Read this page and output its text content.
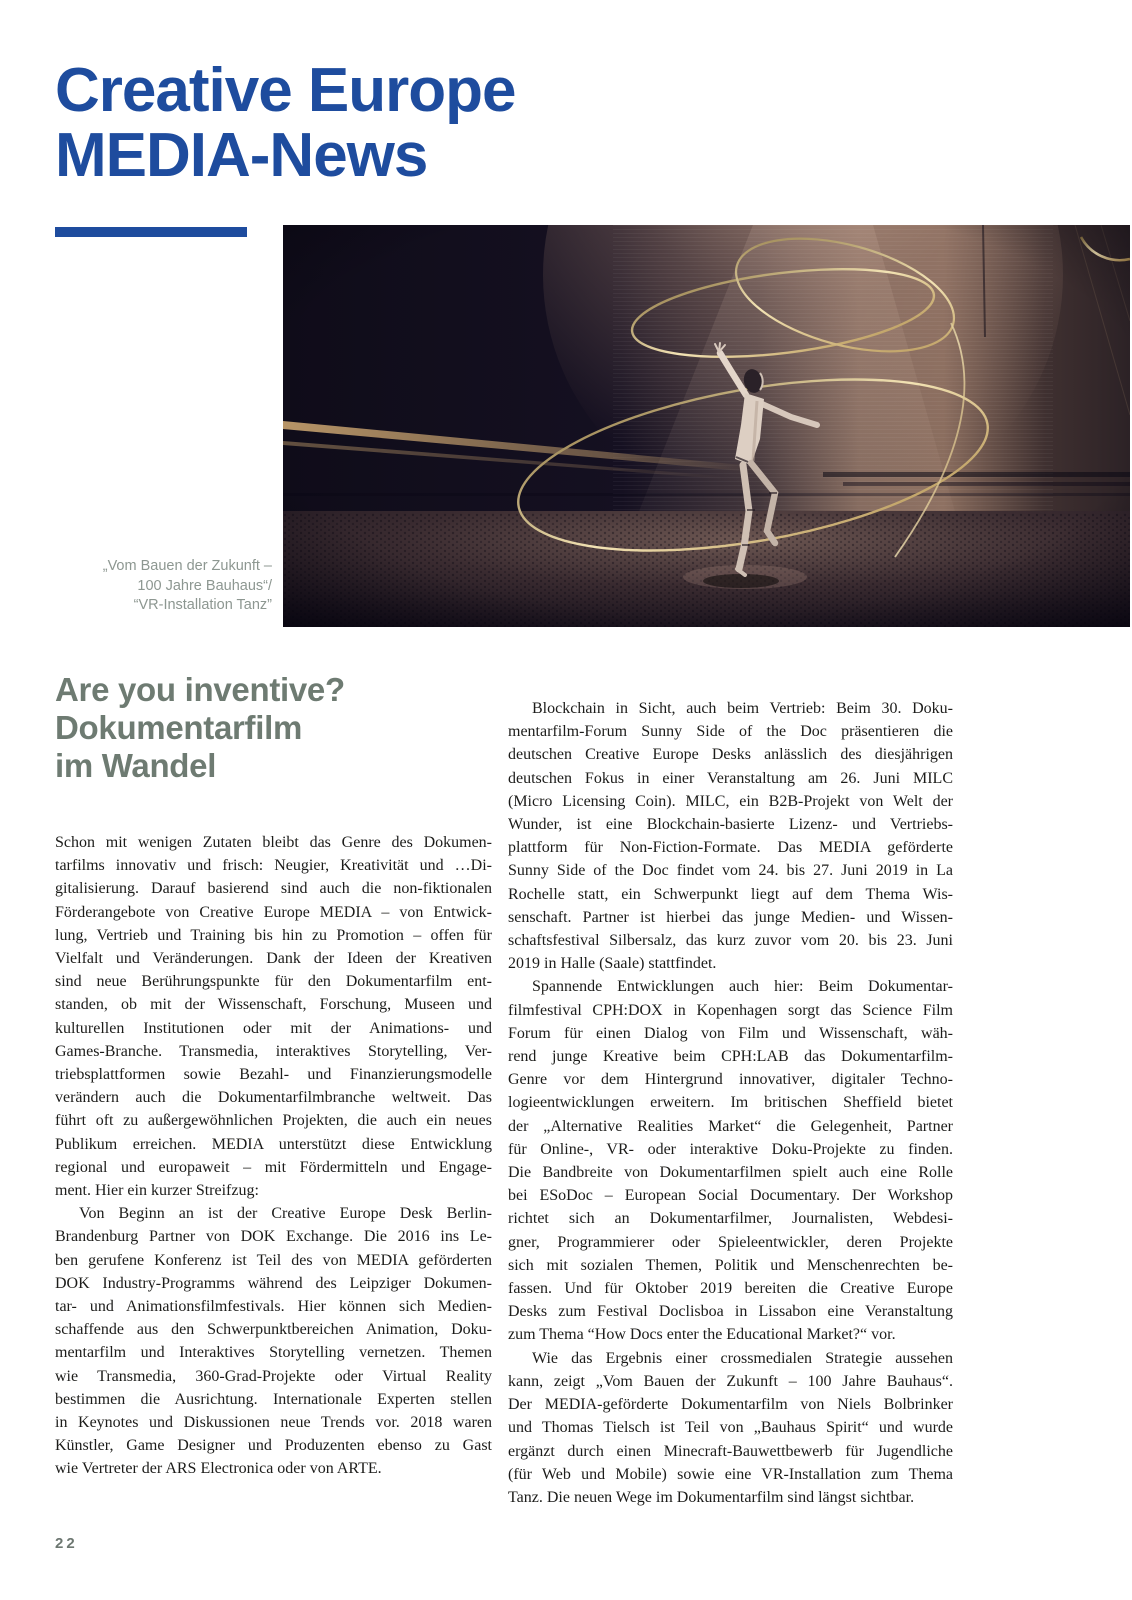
Creative Europe
MEDIA-News
„Vom Bauen der Zukunft –
100 Jahre Bauhaus“/
“VR-Installation Tanz”
Are you inventive?
Dokumentarfilm
im Wandel
Schon mit wenigen Zutaten bleibt das Genre des Dokumen-
tarfilms innovativ und frisch: Neugier, Kreativität und …Di-
gitalisierung. Darauf basierend sind auch die non-fiktionalen
Förderangebote von Creative Europe MEDIA – von Entwick-
lung, Vertrieb und Training bis hin zu Promotion – offen für
Vielfalt und Veränderungen. Dank der Ideen der Kreativen
sind neue Berührungspunkte für den Dokumentarfilm ent-
standen, ob mit der Wissenschaft, Forschung, Museen und
kulturellen Institutionen oder mit der Animations- und
Games-Branche. Transmedia, interaktives Storytelling, Ver-
triebsplattformen sowie Bezahl- und Finanzierungsmodelle
verändern auch die Dokumentarfilmbranche weltweit. Das
führt oft zu außergewöhnlichen Projekten, die auch ein neues
Publikum erreichen. MEDIA unterstützt diese Entwicklung
regional und europaweit – mit Fördermitteln und Engage-
ment. Hier ein kurzer Streifzug:
Von Beginn an ist der Creative Europe Desk Berlin-
Brandenburg Partner von DOK Exchange. Die 2016 ins Le-
ben gerufene Konferenz ist Teil des von MEDIA geförderten
DOK Industry-Programms während des Leipziger Dokumen-
tar- und Animationsfilmfestivals. Hier können sich Medien-
schaffende aus den Schwerpunktbereichen Animation, Doku-
mentarfilm und Interaktives Storytelling vernetzen. Themen
wie Transmedia, 360-Grad-Projekte oder Virtual Reality
bestimmen die Ausrichtung. Internationale Experten stellen
in Keynotes und Diskussionen neue Trends vor. 2018 waren
Künstler, Game Designer und Produzenten ebenso zu Gast
wie Vertreter der ARS Electronica oder von ARTE.
Blockchain in Sicht, auch beim Vertrieb: Beim 30. Doku-
mentarfilm-Forum Sunny Side of the Doc präsentieren die
deutschen Creative Europe Desks anlässlich des diesjährigen
deutschen Fokus in einer Veranstaltung am 26. Juni MILC
(Micro Licensing Coin). MILC, ein B2B-Projekt von Welt der
Wunder, ist eine Blockchain-basierte Lizenz- und Vertriebs-
plattform für Non-Fiction-Formate. Das MEDIA geförderte
Sunny Side of the Doc findet vom 24. bis 27. Juni 2019 in La
Rochelle statt, ein Schwerpunkt liegt auf dem Thema Wis-
senschaft. Partner ist hierbei das junge Medien- und Wissen-
schaftsfestival Silbersalz, das kurz zuvor vom 20. bis 23. Juni
2019 in Halle (Saale) stattfindet.
Spannende Entwicklungen auch hier: Beim Dokumentar-
filmfestival CPH:DOX in Kopenhagen sorgt das Science Film
Forum für einen Dialog von Film und Wissenschaft, wäh-
rend junge Kreative beim CPH:LAB das Dokumentarfilm-
Genre vor dem Hintergrund innovativer, digitaler Techno-
logieentwicklungen erweitern. Im britischen Sheffield bietet
der „Alternative Realities Market“ die Gelegenheit, Partner
für Online-, VR- oder interaktive Doku-Projekte zu finden.
Die Bandbreite von Dokumentarfilmen spielt auch eine Rolle
bei ESoDoc – European Social Documentary. Der Workshop
richtet sich an Dokumentarfilmer, Journalisten, Webdesi-
gner, Programmierer oder Spieleentwickler, deren Projekte
sich mit sozialen Themen, Politik und Menschenrechten be-
fassen. Und für Oktober 2019 bereiten die Creative Europe
Desks zum Festival Doclisboa in Lissabon eine Veranstaltung
zum Thema “How Docs enter the Educational Market?“ vor.
Wie das Ergebnis einer crossmedialen Strategie aussehen
kann, zeigt „Vom Bauen der Zukunft – 100 Jahre Bauhaus“.
Der MEDIA-geförderte Dokumentarfilm von Niels Bolbrinker
und Thomas Tielsch ist Teil von „Bauhaus Spirit“ und wurde
ergänzt durch einen Minecraft-Bauwettbewerb für Jugendliche
(für Web und Mobile) sowie eine VR-Installation zum Thema
Tanz. Die neuen Wege im Dokumentarfilm sind längst sichtbar.
22
